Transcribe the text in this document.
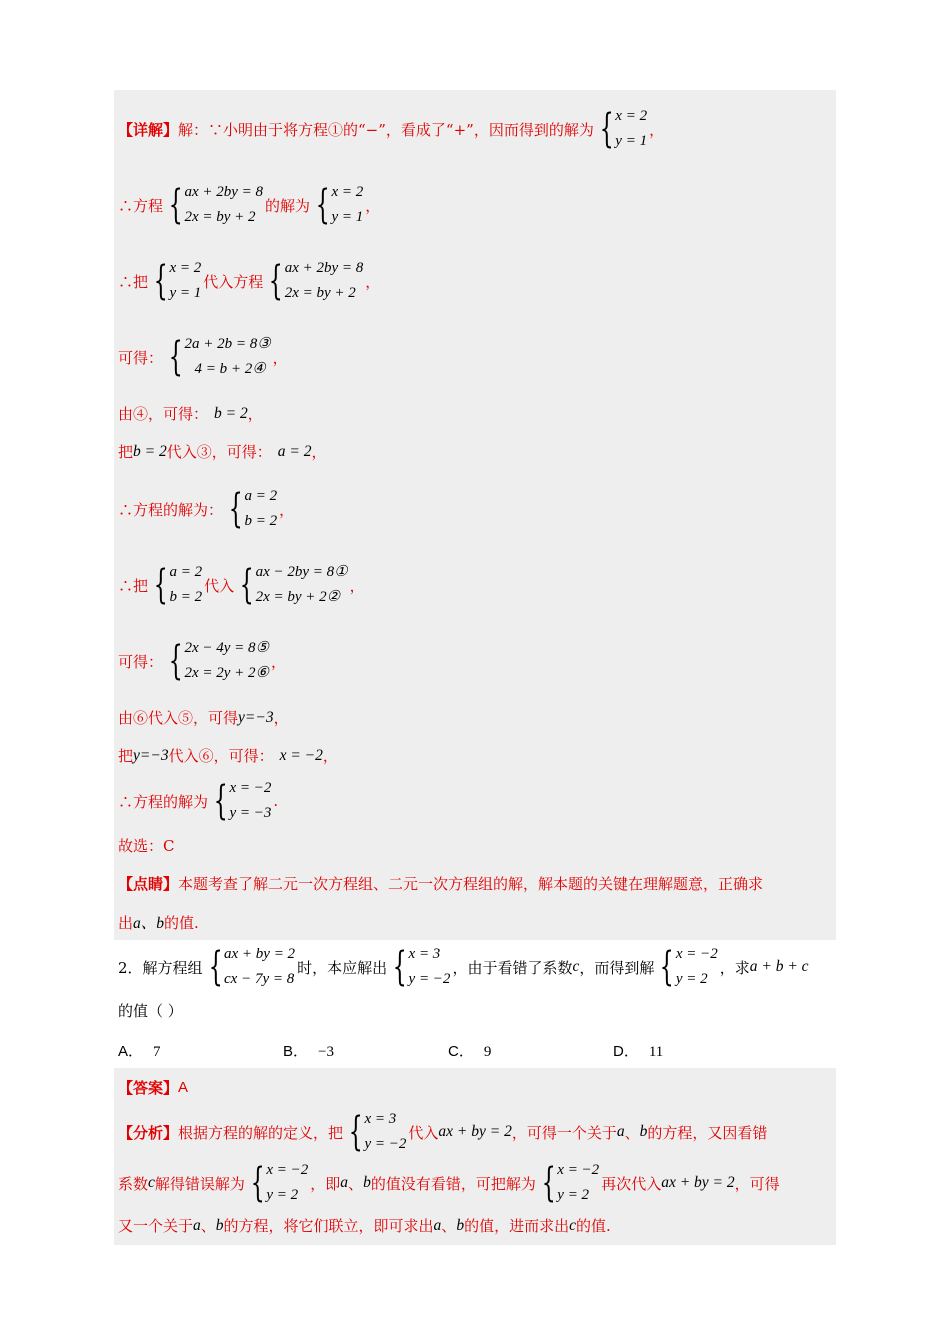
【详解】 解：∵小明由于将方程①的“−”，看成了“+”，因而得到的解为 { x = 2
y = 1
，
∴方程 { ax + 2by = 8
2x = by + 2
的解为 { x = 2
y = 1
，
∴把 { x = 2
y = 1
代入方程 { ax + 2by = 8
2x = by + 2
，
可得： { 2a + 2b = 8③
4 = b + 2④
，
由④，可得： b = 2 ，
把 b = 2 代入③，可得： a = 2 ，
∴方程的解为： { a = 2
b = 2
，
∴把 { a = 2
b = 2
代入 { ax − 2by = 8①
2x = by + 2②
，
可得： { 2x − 4y = 8⑤
2x = 2y + 2⑥
，
由⑥代入⑤，可得 y=−3 ，
把 y=−3 代入⑥，可得： x = −2 ，
∴方程的解为 { x = −2
y = −3
.
故选：C
【点睛】 本题考查了解二元一次方程组、二元一次方程组的解，解本题的关键在理解题意，正确求
出 a、b 的值.
2．解方程组 { ax + by = 2
cx − 7y = 8
时，本应解出 { x = 3
y = −2
，由于看错了系数 c ，而得到解 { x = −2
y = 2
，求 a + b + c
的值（ ）
A． 7	B． −3	C． 9	D． 11
【答案】 A
【分析】 根据方程的解的定义，把 { x = 3
y = −2
代入 ax + by = 2 ，可得一个关于 a 、 b 的方程，又因看错
系数 c 解得错误解为 { x = −2
y = 2
，即 a 、 b 的值没有看错，可把解为 { x = −2
y = 2
再次代入 ax + by = 2 ，可得
又一个关于 a 、 b 的方程，将它们联立，即可求出 a 、 b 的值，进而求出 c 的值.
